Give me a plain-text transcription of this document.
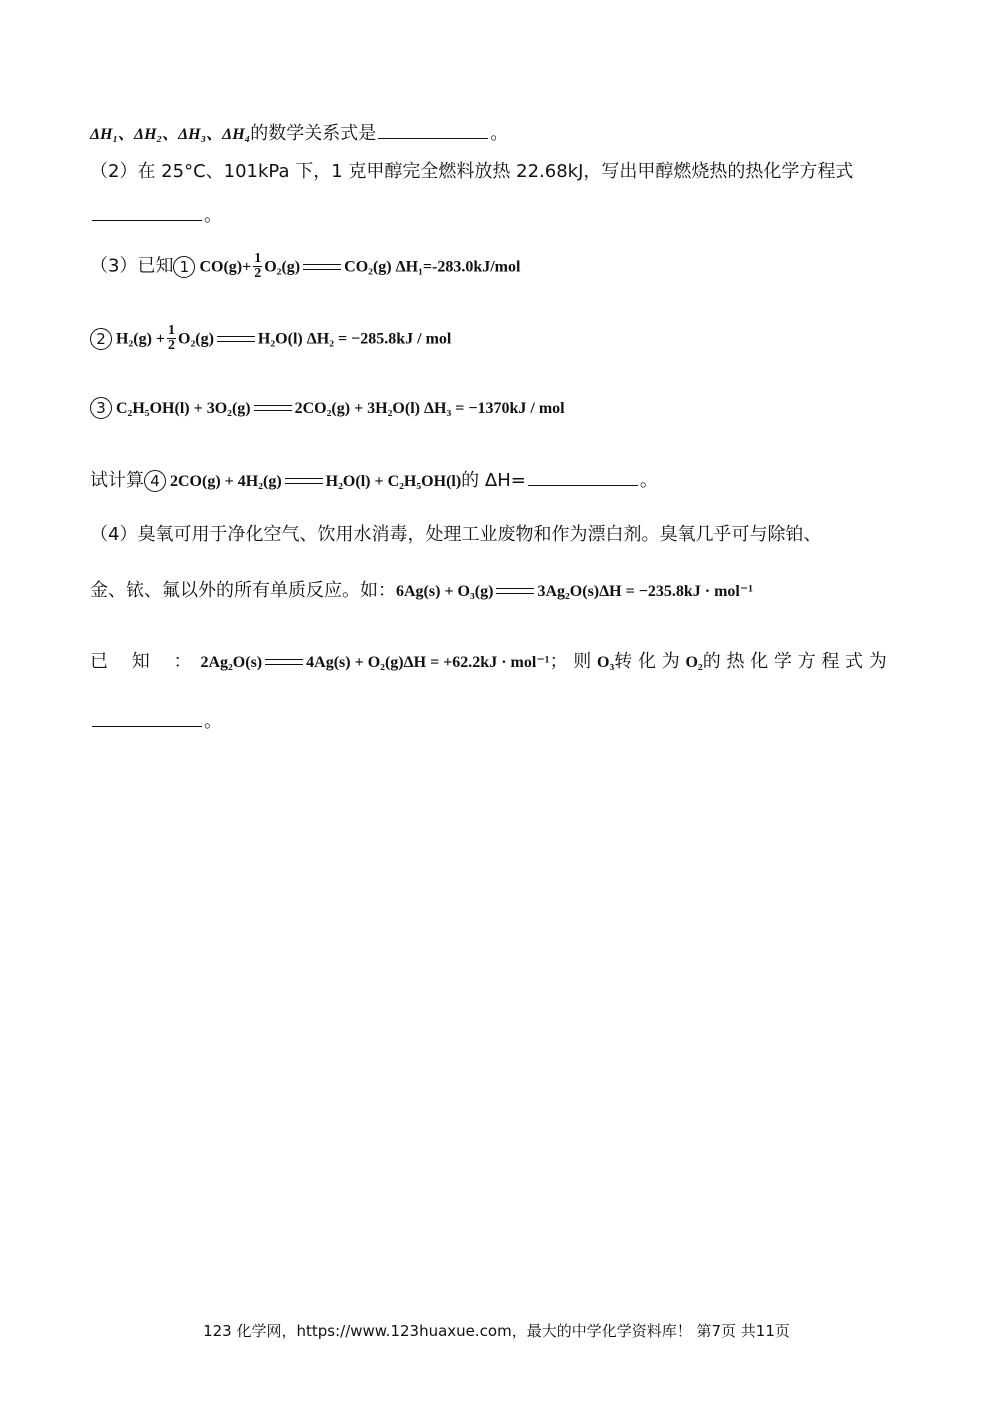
ΔH₁、ΔH₂、ΔH₃、ΔH₄的数学关系式是	。
（2）在 25°C、101kPa 下，1 克甲醇完全燃料放热 22.68kJ，写出甲醇燃烧热的热化学方程式
。
（3）已知 1 $CO(g)+ \frac{1}{2} O_2(g)$	CO₂(g) ΔH₁=-283.0kJ/mol
2 $H_2(g) + \frac{1}{2} O_2(g)$	H₂O(l) ΔH₂ = −285.8kJ / mol
3 C₂H₅OH(l) + 3O₂(g)	2CO₂(g) + 3H₂O(l) ΔH₃ = −1370kJ / mol
试计算 4 2CO(g) + 4H₂(g)	H₂O(l) + C₂H₅OH(l)的 ΔH=	。
（4）臭氧可用于净化空气、饮用水消毒，处理工业废物和作为漂白剂。臭氧几乎可与除铂、
金、铱、氟以外的所有单质反应。如：6Ag(s) + O₃(g)	3Ag₂O(s)ΔH = −235.8kJ · mol⁻¹
已 知 ：2Ag₂O(s)	4Ag(s) + O₂(g)ΔH = +62.2kJ · mol⁻¹； 则 O₃转 化 为 O₂的 热 化 学 方 程 式 为
。
123 化学网，https://www.123huaxue.com，最大的中学化学资料库！ 第7页 共11页
